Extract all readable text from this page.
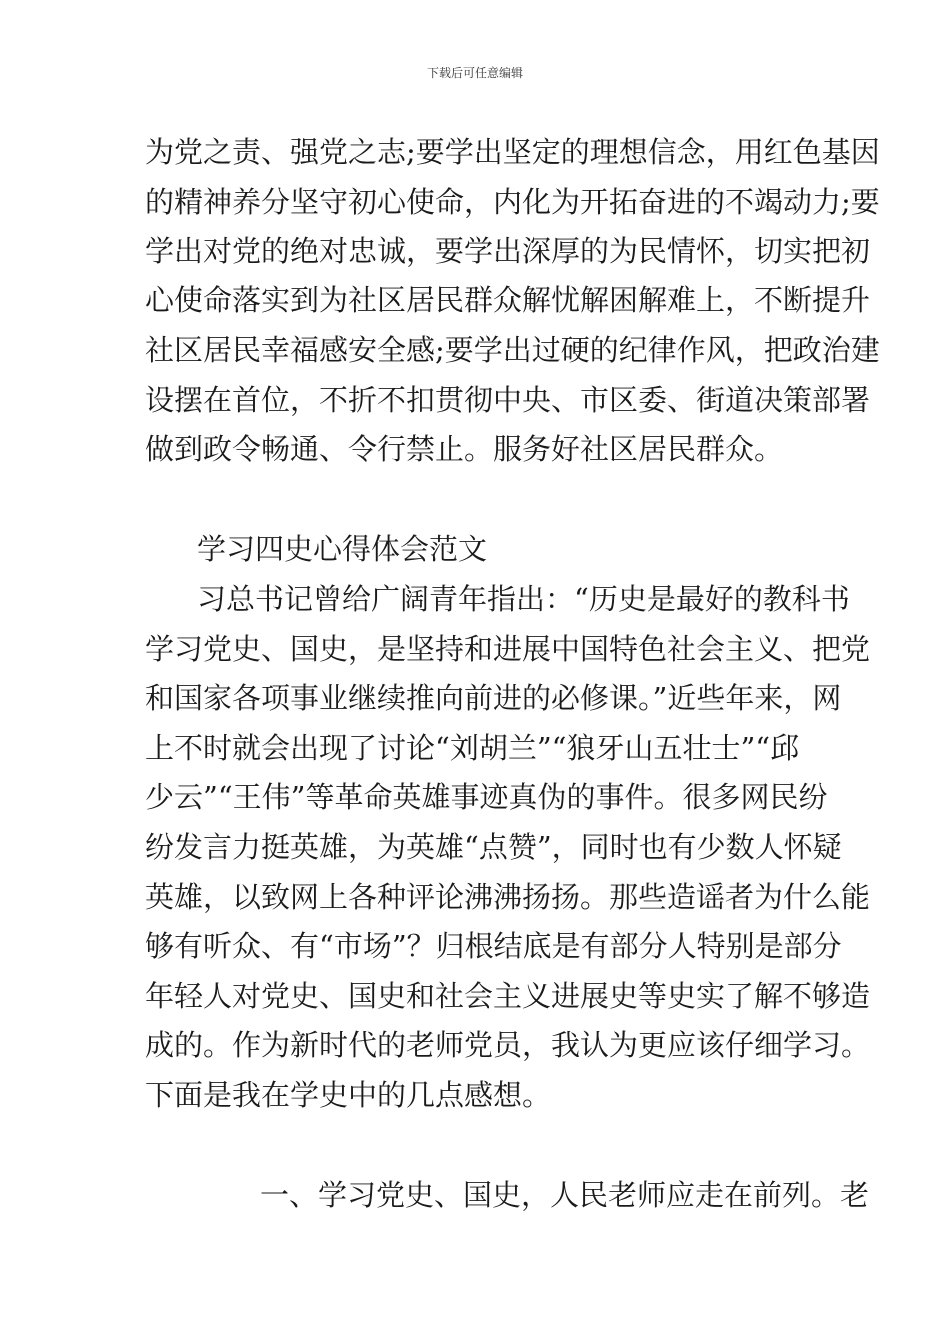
下载后可任意编辑
为党之责、强党之志;要学出坚定的理想信念，用红色基因
的精神养分坚守初心使命，内化为开拓奋进的不竭动力;要
学出对党的绝对忠诚，要学出深厚的为民情怀，切实把初
心使命落实到为社区居民群众解忧解困解难上，不断提升
社区居民幸福感安全感;要学出过硬的纪律作风，把政治建
设摆在首位，不折不扣贯彻中央、市区委、街道决策部署
做到政令畅通、令行禁止。服务好社区居民群众。
学习四史心得体会范文
习总书记曾给广阔青年指出：“历史是最好的教科书
学习党史、国史，是坚持和进展中国特色社会主义、把党
和国家各项事业继续推向前进的必修课。”近些年来，网
上不时就会出现了讨论“刘胡兰”“狼牙山五壮士”“邱
少云”“王伟”等革命英雄事迹真伪的事件。很多网民纷
纷发言力挺英雄，为英雄“点赞”，同时也有少数人怀疑
英雄，以致网上各种评论沸沸扬扬。那些造谣者为什么能
够有听众、有“市场”？归根结底是有部分人特别是部分
年轻人对党史、国史和社会主义进展史等史实了解不够造
成的。作为新时代的老师党员，我认为更应该仔细学习。
下面是我在学史中的几点感想。
一、学习党史、国史，人民老师应走在前列。老
